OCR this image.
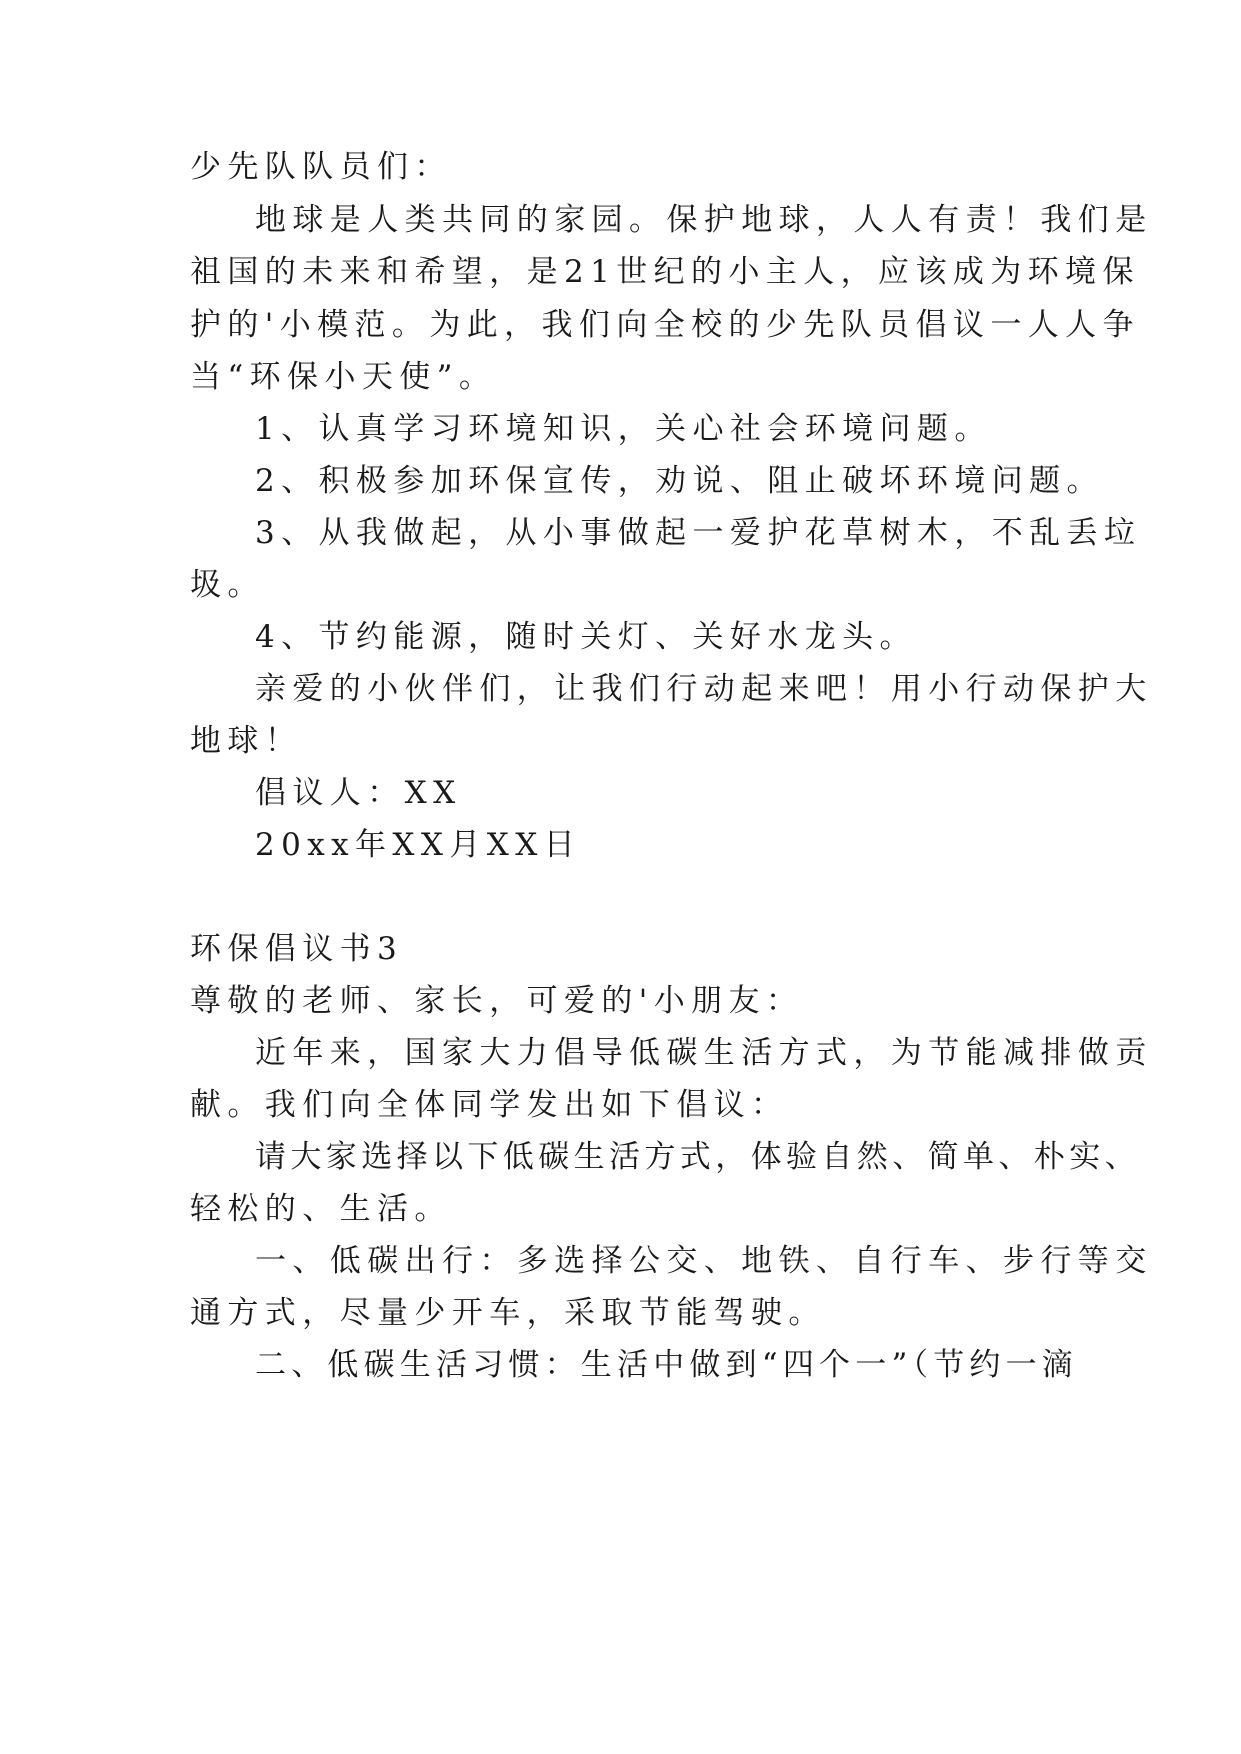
少先队队员们：
地球是人类共同的家园。保护地球，人人有责！我们是
祖国的未来和希望，是21世纪的小主人，应该成为环境保
护的'小模范。为此，我们向全校的少先队员倡议一人人争
当“环保小天使”。
1、认真学习环境知识，关心社会环境问题。
2、积极参加环保宣传，劝说、阻止破坏环境问题。
3、从我做起，从小事做起一爱护花草树木，不乱丢垃
圾。
4、节约能源，随时关灯、关好水龙头。
亲爱的小伙伴们，让我们行动起来吧！用小行动保护大
地球！
倡议人：XX
20xx年XX月XX日
环保倡议书3
尊敬的老师、家长，可爱的'小朋友：
近年来，国家大力倡导低碳生活方式，为节能减排做贡
献。我们向全体同学发出如下倡议：
请大家选择以下低碳生活方式，体验自然、简单、朴实、
轻松的、生活。
一、低碳出行：多选择公交、地铁、自行车、步行等交
通方式，尽量少开车，采取节能驾驶。
二、低碳生活习惯：生活中做到“四个一”（节约一滴
